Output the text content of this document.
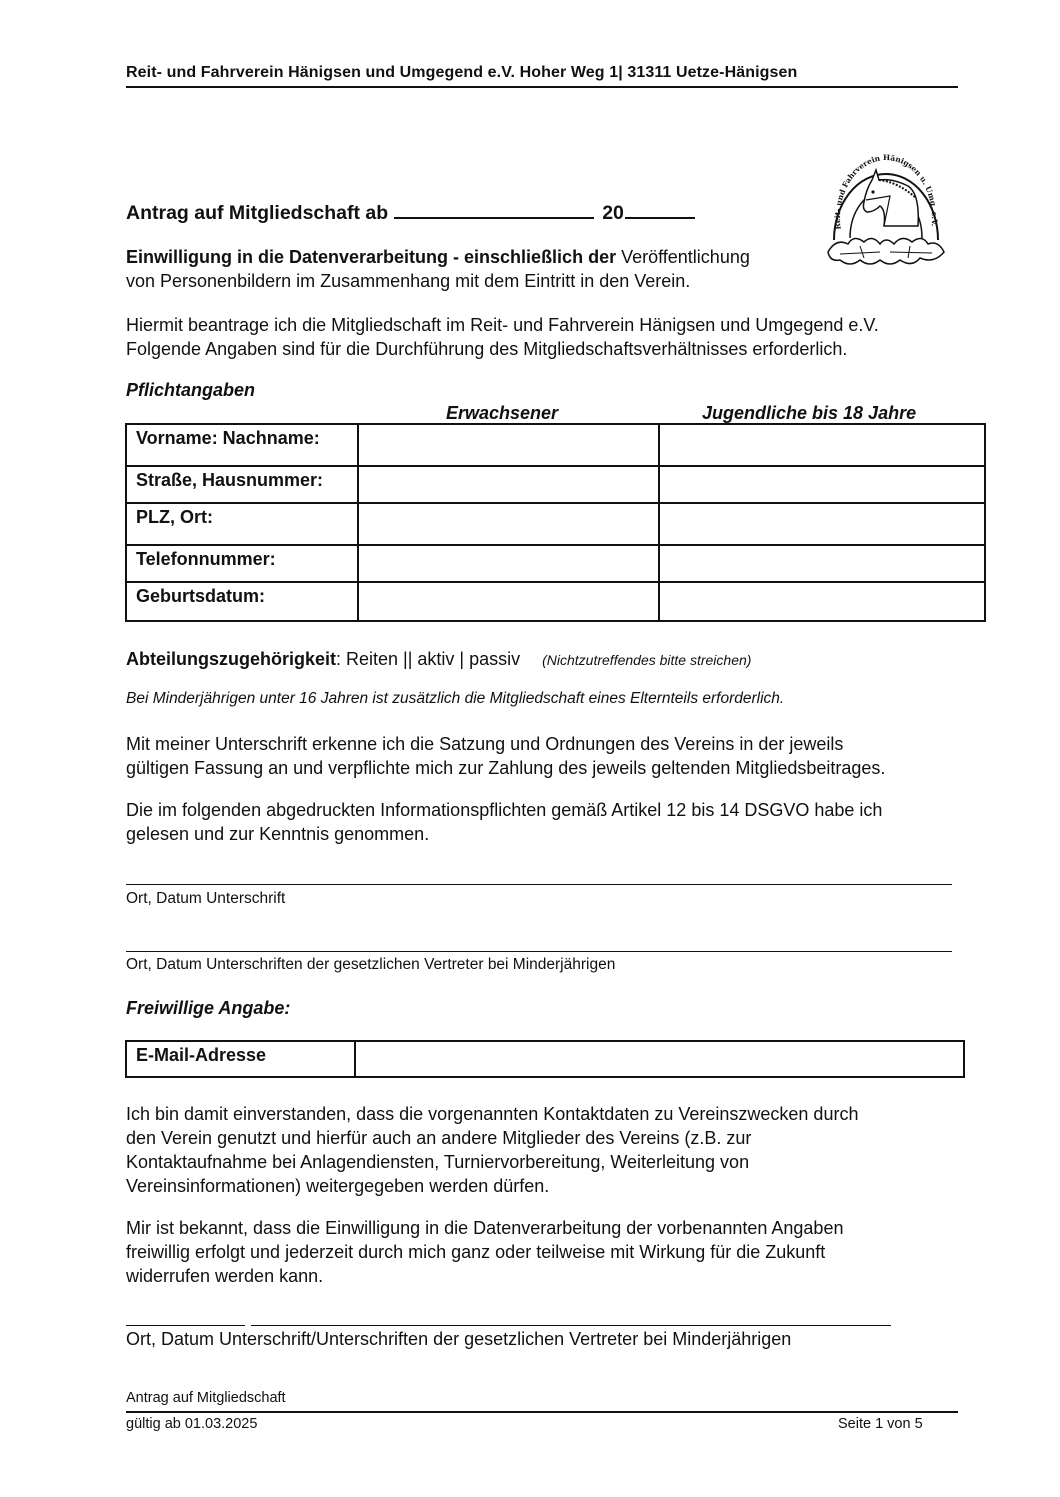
Reit- und Fahrverein Hänigsen und Umgegend e.V. Hoher Weg 1| 31311 Uetze-Hänigsen
Reit- und Fahrverein Hänigsen u. Umg. e.V.
Antrag auf Mitgliedschaft ab	20
Einwilligung in die Datenverarbeitung - einschließlich der Veröffentlichung
von Personenbildern im Zusammenhang mit dem Eintritt in den Verein.
Hiermit beantrage ich die Mitgliedschaft im Reit- und Fahrverein Hänigsen und Umgegend e.V.
Folgende Angaben sind für die Durchführung des Mitgliedschaftsverhältnisses erforderlich.
Pflichtangaben
Erwachsener	Jugendliche bis 18 Jahre
Vorname: Nachname:		
Straße, Hausnummer:		
PLZ, Ort:		
Telefonnummer:		
Geburtsdatum:		
Abteilungszugehörigkeit: Reiten || aktiv | passiv (Nichtzutreffendes bitte streichen)
Bei Minderjährigen unter 16 Jahren ist zusätzlich die Mitgliedschaft eines Elternteils erforderlich.
Mit meiner Unterschrift erkenne ich die Satzung und Ordnungen des Vereins in der jeweils
gültigen Fassung an und verpflichte mich zur Zahlung des jeweils geltenden Mitgliedsbeitrages.
Die im folgenden abgedruckten Informationspflichten gemäß Artikel 12 bis 14 DSGVO habe ich
gelesen und zur Kenntnis genommen.
Ort, Datum Unterschrift
Ort, Datum Unterschriften der gesetzlichen Vertreter bei Minderjährigen
Freiwillige Angabe:
E-Mail-Adresse	
Ich bin damit einverstanden, dass die vorgenannten Kontaktdaten zu Vereinszwecken durch
den Verein genutzt und hierfür auch an andere Mitglieder des Vereins (z.B. zur
Kontaktaufnahme bei Anlagendiensten, Turniervorbereitung, Weiterleitung von
Vereinsinformationen) weitergegeben werden dürfen.
Mir ist bekannt, dass die Einwilligung in die Datenverarbeitung der vorbenannten Angaben
freiwillig erfolgt und jederzeit durch mich ganz oder teilweise mit Wirkung für die Zukunft
widerrufen werden kann.
Ort, Datum Unterschrift/Unterschriften der gesetzlichen Vertreter bei Minderjährigen
Antrag auf Mitgliedschaft
gültig ab 01.03.2025	Seite 1 von 5
